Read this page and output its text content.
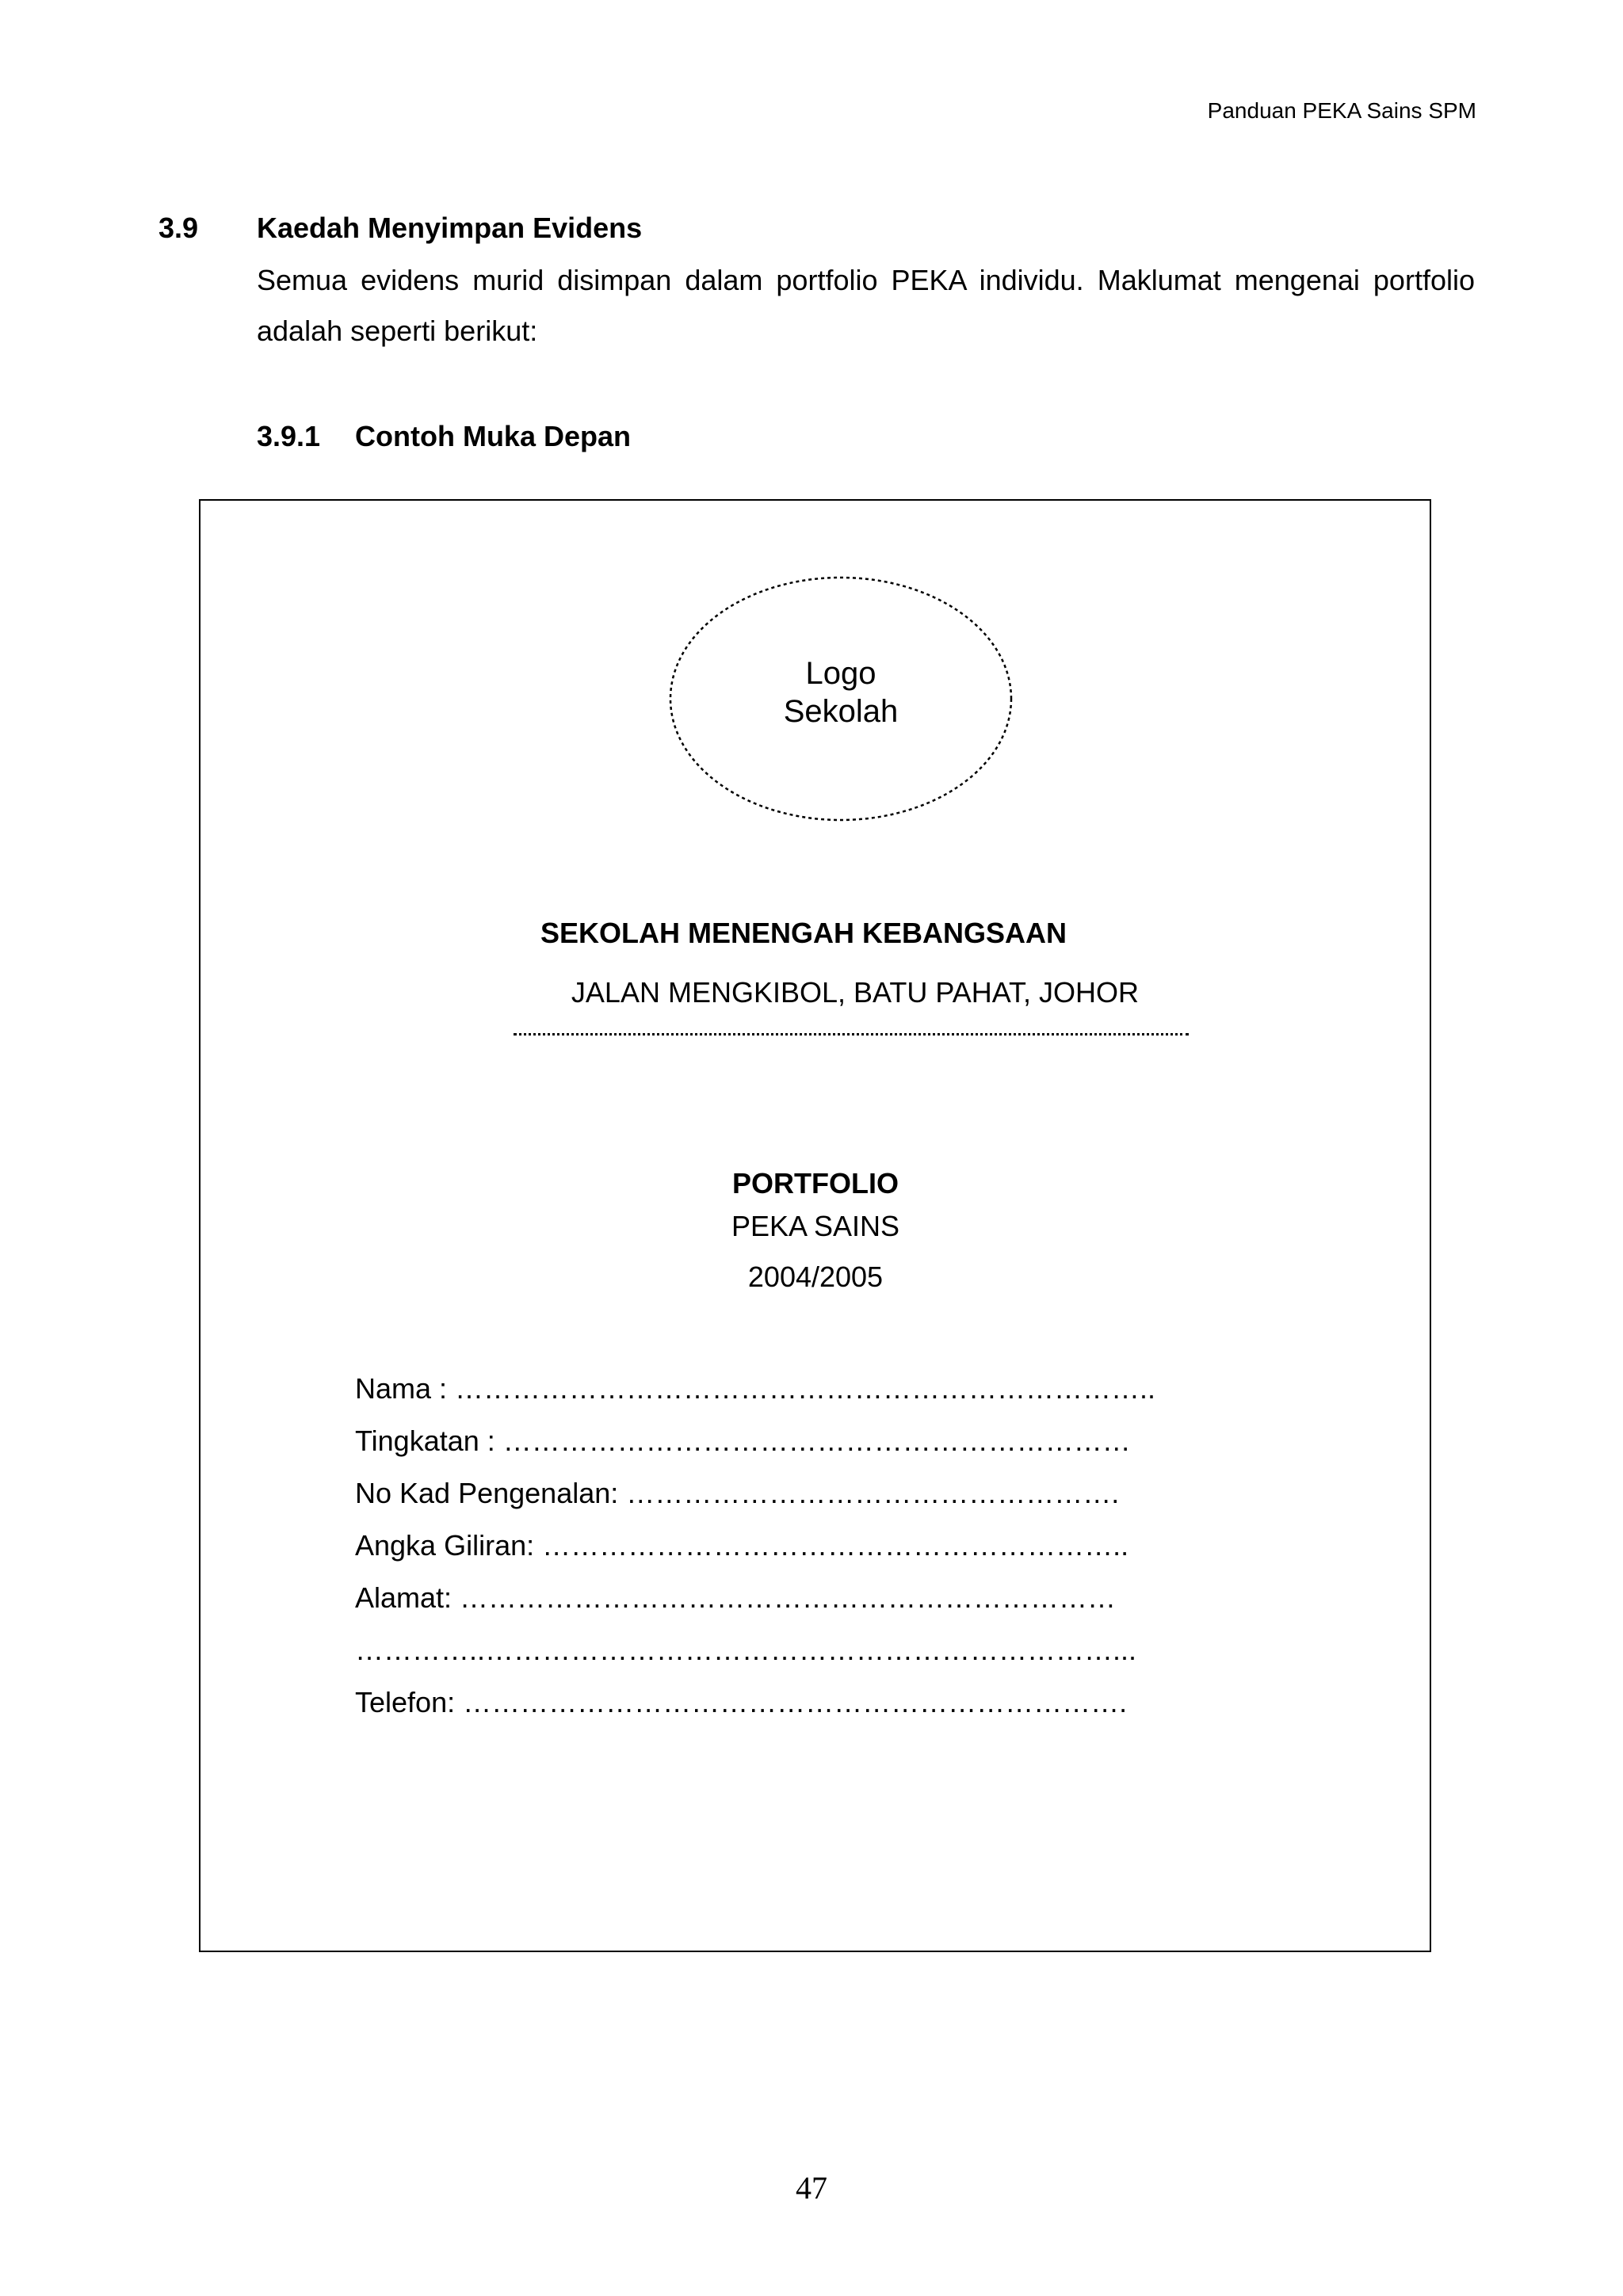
Panduan PEKA Sains SPM
3.9 Kaedah Menyimpan Evidens
Semua evidens murid disimpan dalam portfolio PEKA individu. Maklumat mengenai portfolio adalah seperti berikut:
3.9.1 Contoh Muka Depan
Logo
Sekolah
SEKOLAH MENENGAH KEBANGSAAN
JALAN MENGKIBOL, BATU PAHAT, JOHOR
PORTFOLIO
PEKA SAINS
2004/2005
Nama : ………………………………………………………………..
Tingkatan : …………………………………………………………
No Kad Pengenalan: …………………………………………….
Angka Giliran: ……………………………………………………..
Alamat: ……………………………………………………………
…………..…………………………………………………………...
Telefon: …………………………………………………………….
47
